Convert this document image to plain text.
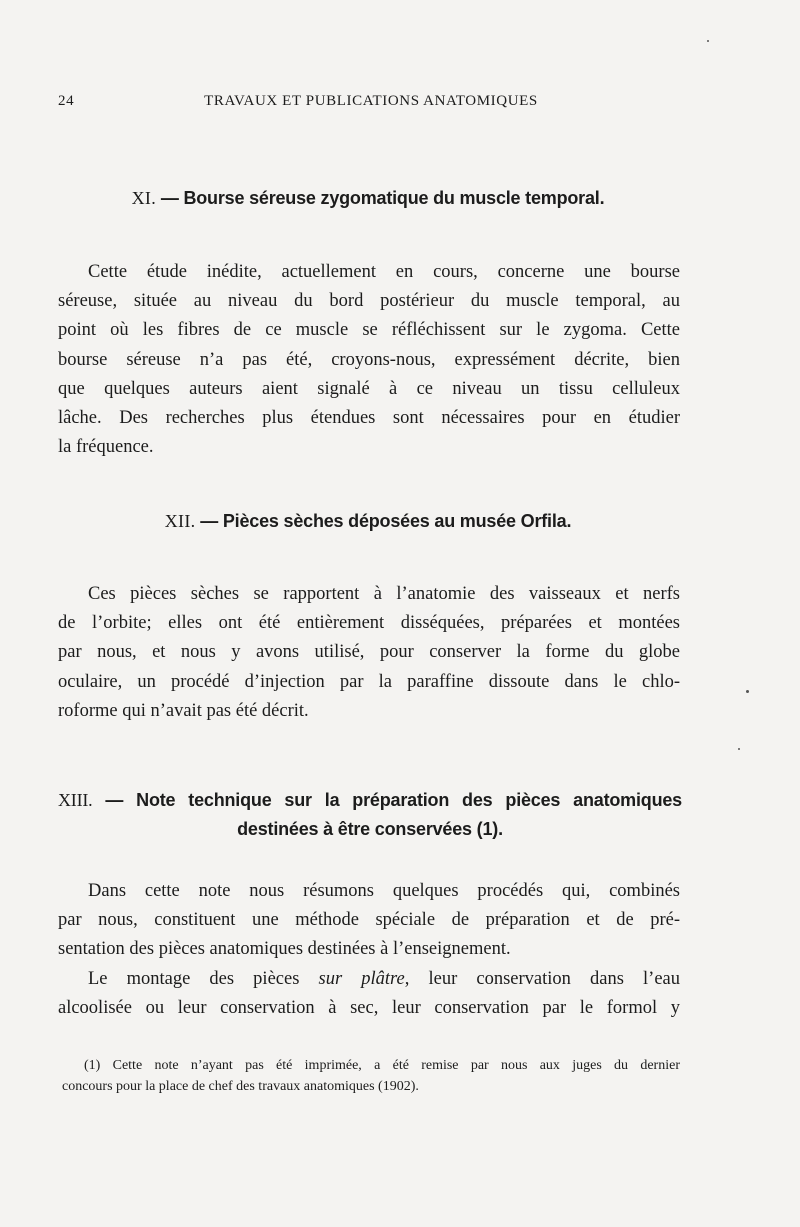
24	TRAVAUX ET PUBLICATIONS ANATOMIQUES
XI. — Bourse séreuse zygomatique du muscle temporal.
Cette étude inédite, actuellement en cours, concerne une bourse
séreuse, située au niveau du bord postérieur du muscle temporal, au
point où les fibres de ce muscle se réfléchissent sur le zygoma. Cette
bourse séreuse n’a pas été, croyons-nous, expressément décrite, bien
que quelques auteurs aient signalé à ce niveau un tissu celluleux
lâche. Des recherches plus étendues sont nécessaires pour en étudier
la fréquence.
XII. — Pièces sèches déposées au musée Orfila.
Ces pièces sèches se rapportent à l’anatomie des vaisseaux et nerfs
de l’orbite; elles ont été entièrement disséquées, préparées et montées
par nous, et nous y avons utilisé, pour conserver la forme du globe
oculaire, un procédé d’injection par la paraffine dissoute dans le chlo-
roforme qui n’avait pas été décrit.
XIII. — Note technique sur la préparation des pièces anatomiques
destinées à être conservées (1).
Dans cette note nous résumons quelques procédés qui, combinés
par nous, constituent une méthode spéciale de préparation et de pré-
sentation des pièces anatomiques destinées à l’enseignement.
Le montage des pièces sur plâtre, leur conservation dans l’eau
alcoolisée ou leur conservation à sec, leur conservation par le formol y
(1) Cette note n’ayant pas été imprimée, a été remise par nous aux juges du dernier
concours pour la place de chef des travaux anatomiques (1902).
